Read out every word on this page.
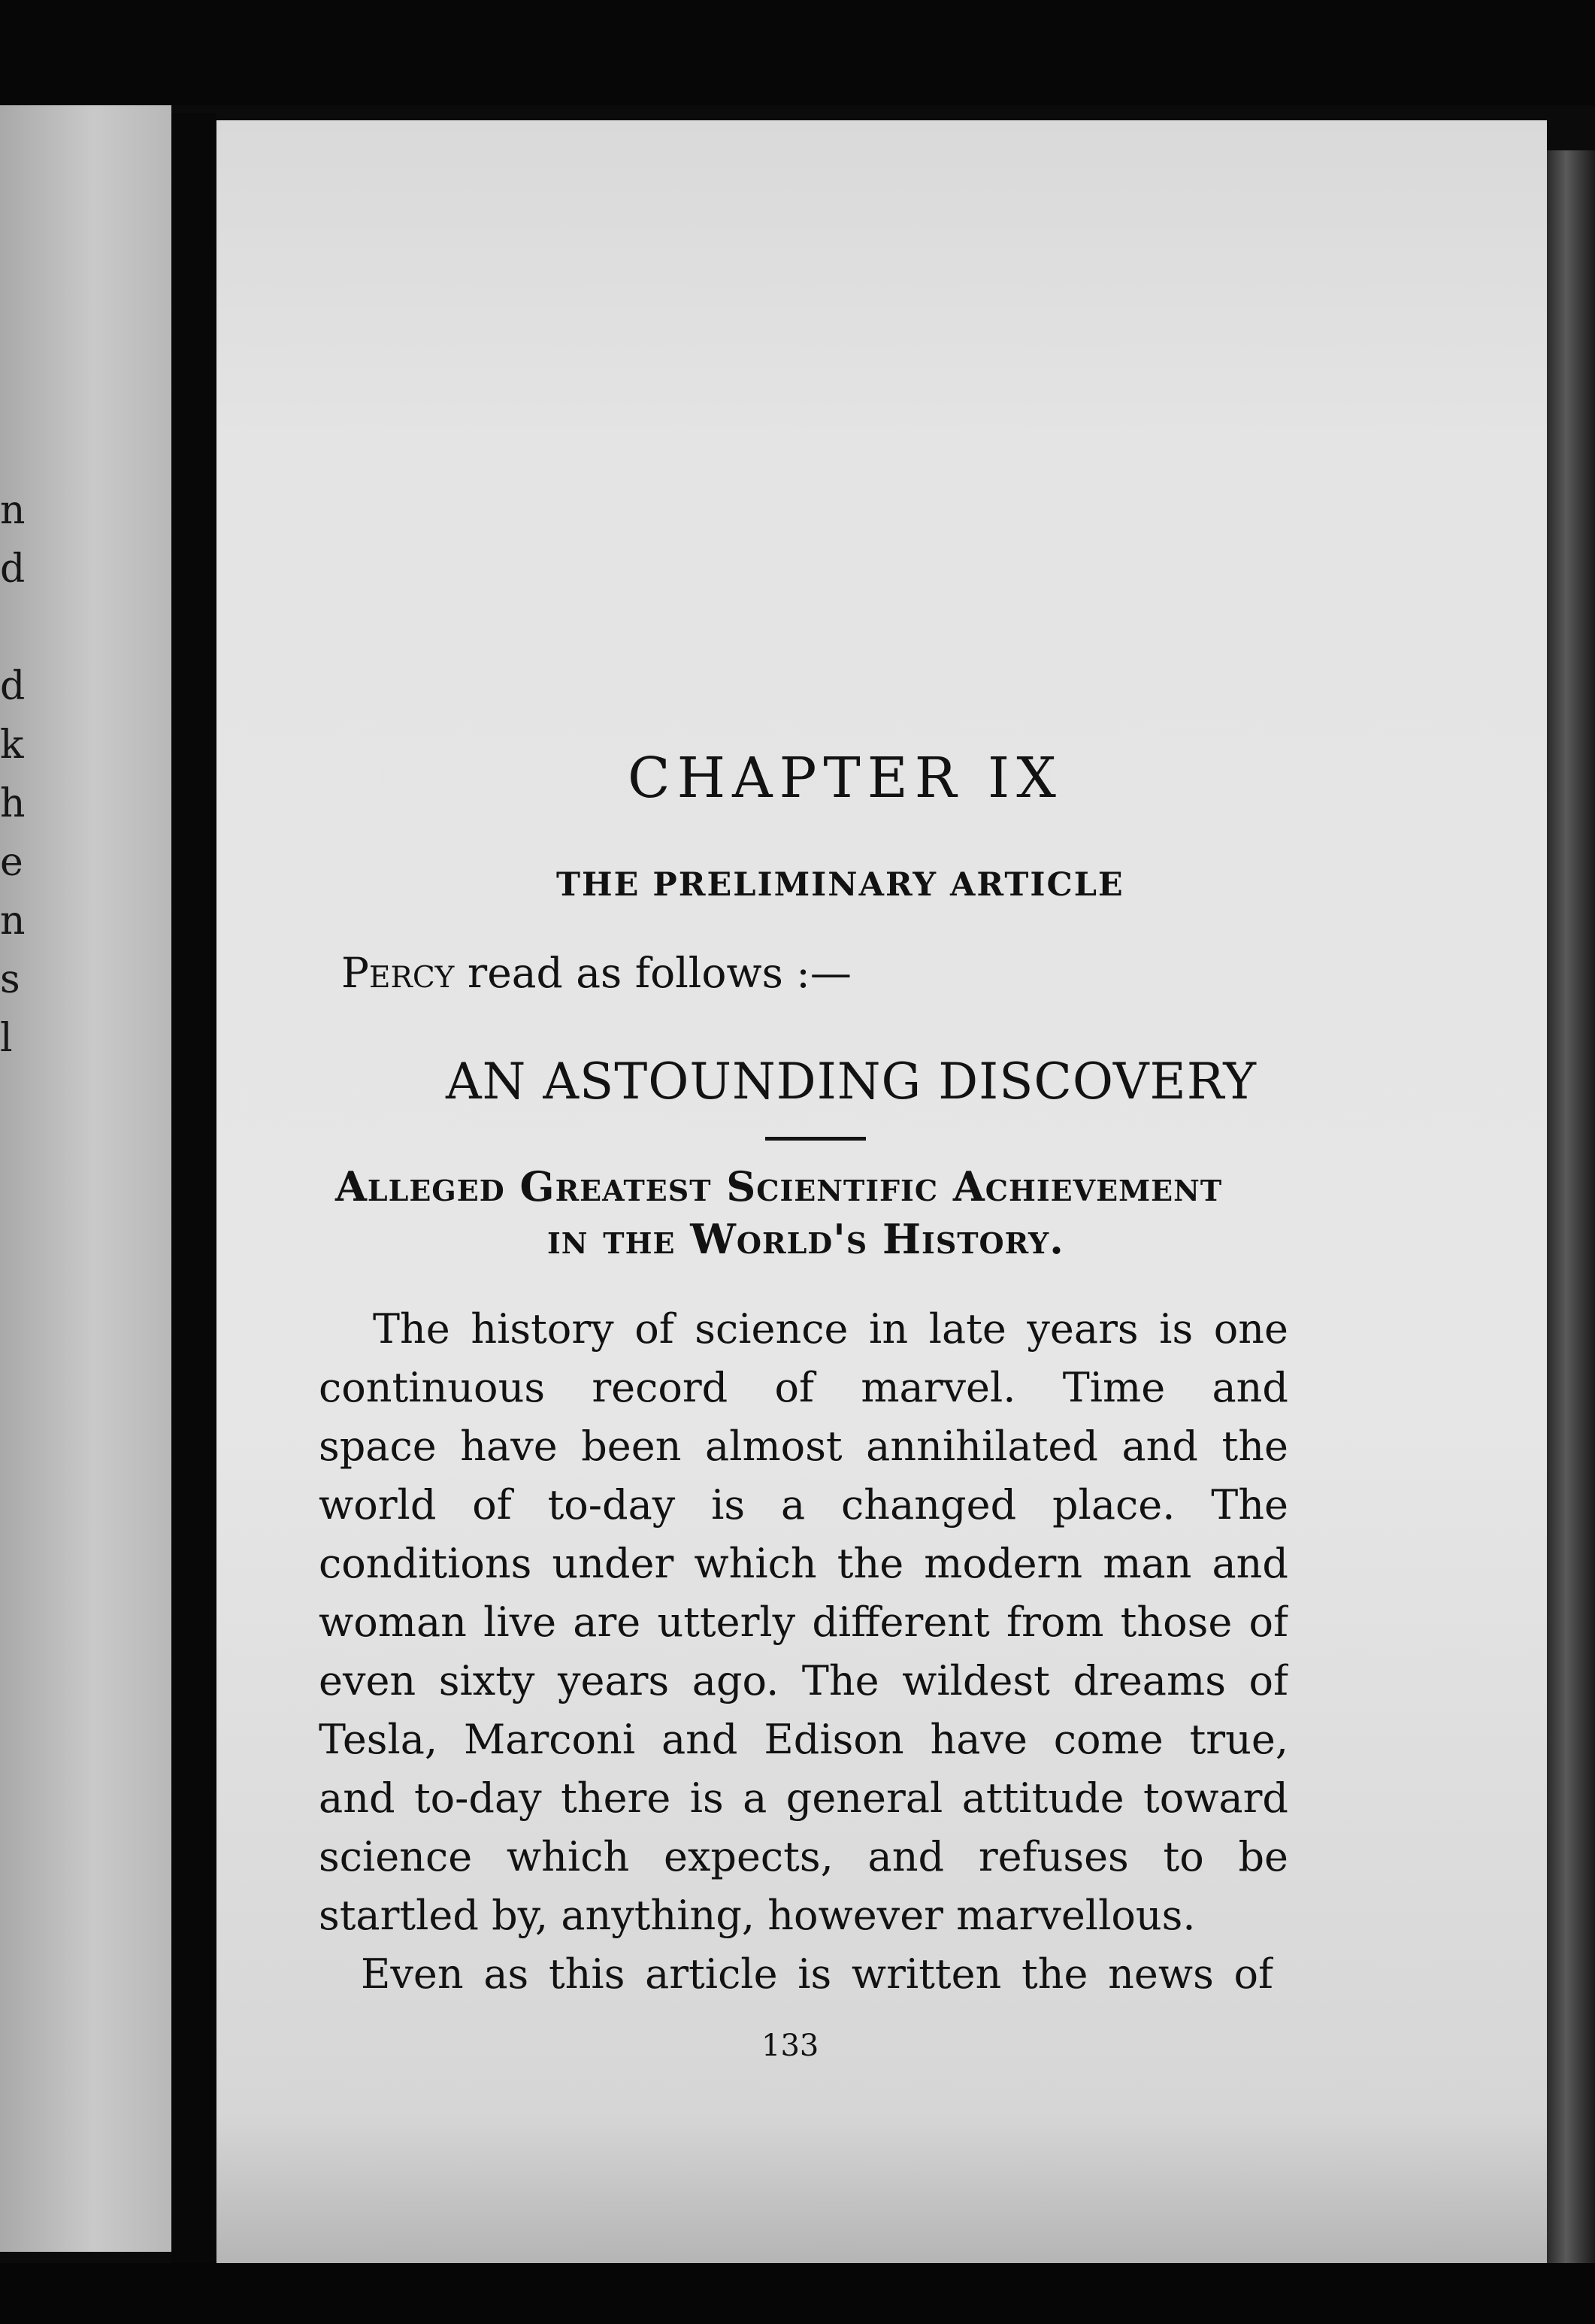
n
d
d
k
h
e
n
s
l
CHAPTER IX
THE PRELIMINARY ARTICLE
Percy read as follows :—
AN ASTOUNDING DISCOVERY
Alleged Greatest Scientific Achievement
in the World's History.
The history of science in late years is one
continuous record of marvel. Time and
space have been almost annihilated and the
world of to-day is a changed place. The
conditions under which the modern man and
woman live are utterly different from those of
even sixty years ago. The wildest dreams of
Tesla, Marconi and Edison have come true,
and to-day there is a general attitude toward
science which expects, and refuses to be
startled by, anything, however marvellous.
Even as this article is written the news of
133
